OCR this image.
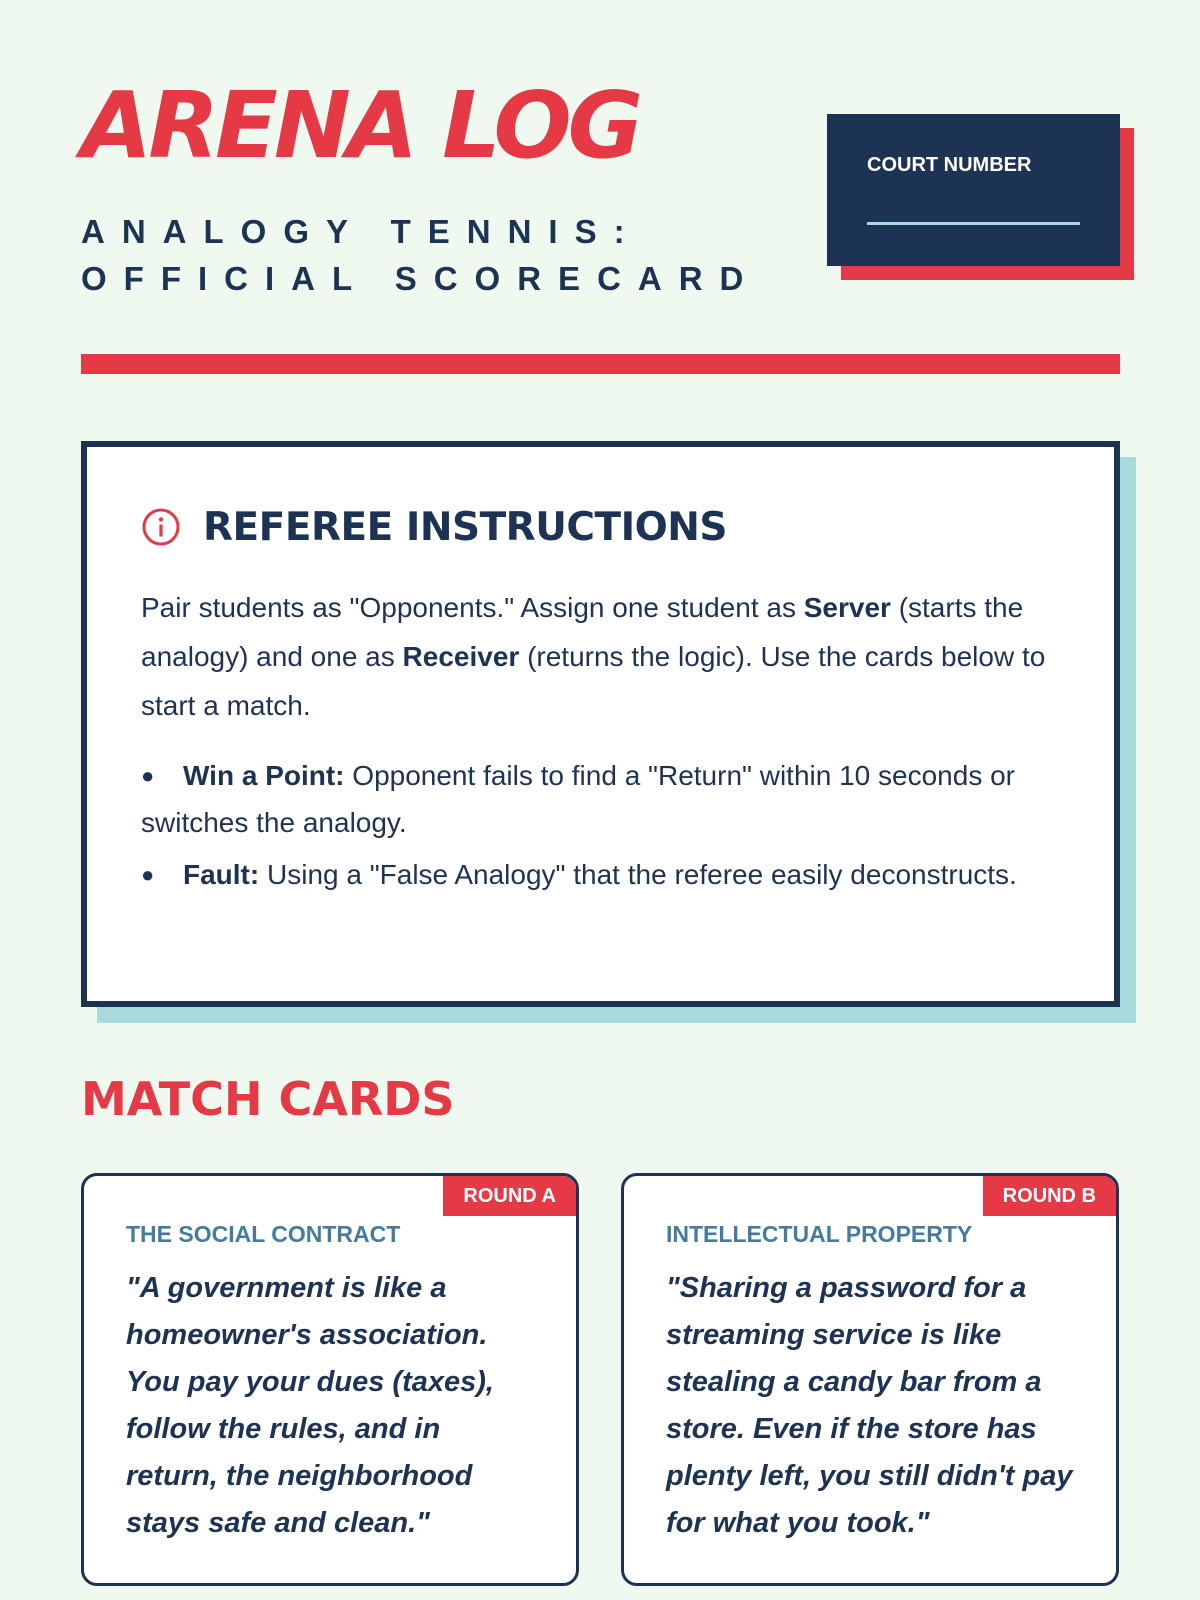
ARENA LOG
ANALOGY TENNIS:
OFFICIAL SCORECARD
COURT NUMBER
REFEREE INSTRUCTIONS

Pair students as "Opponents." Assign one student as Server (starts the analogy) and one as Receiver (returns the logic). Use the cards below to start a match.

● Win a Point: Opponent fails to find a "Return" within 10 seconds or switches the analogy.
● Fault: Using a "False Analogy" that the referee easily deconstructs.
MATCH CARDS
ROUND A
THE SOCIAL CONTRACT

"A government is like a homeowner's association. You pay your dues (taxes), follow the rules, and in return, the neighborhood stays safe and clean."

ROUND B
INTELLECTUAL PROPERTY

"Sharing a password for a streaming service is like stealing a candy bar from a store. Even if the store has plenty left, you still didn't pay for what you took."
